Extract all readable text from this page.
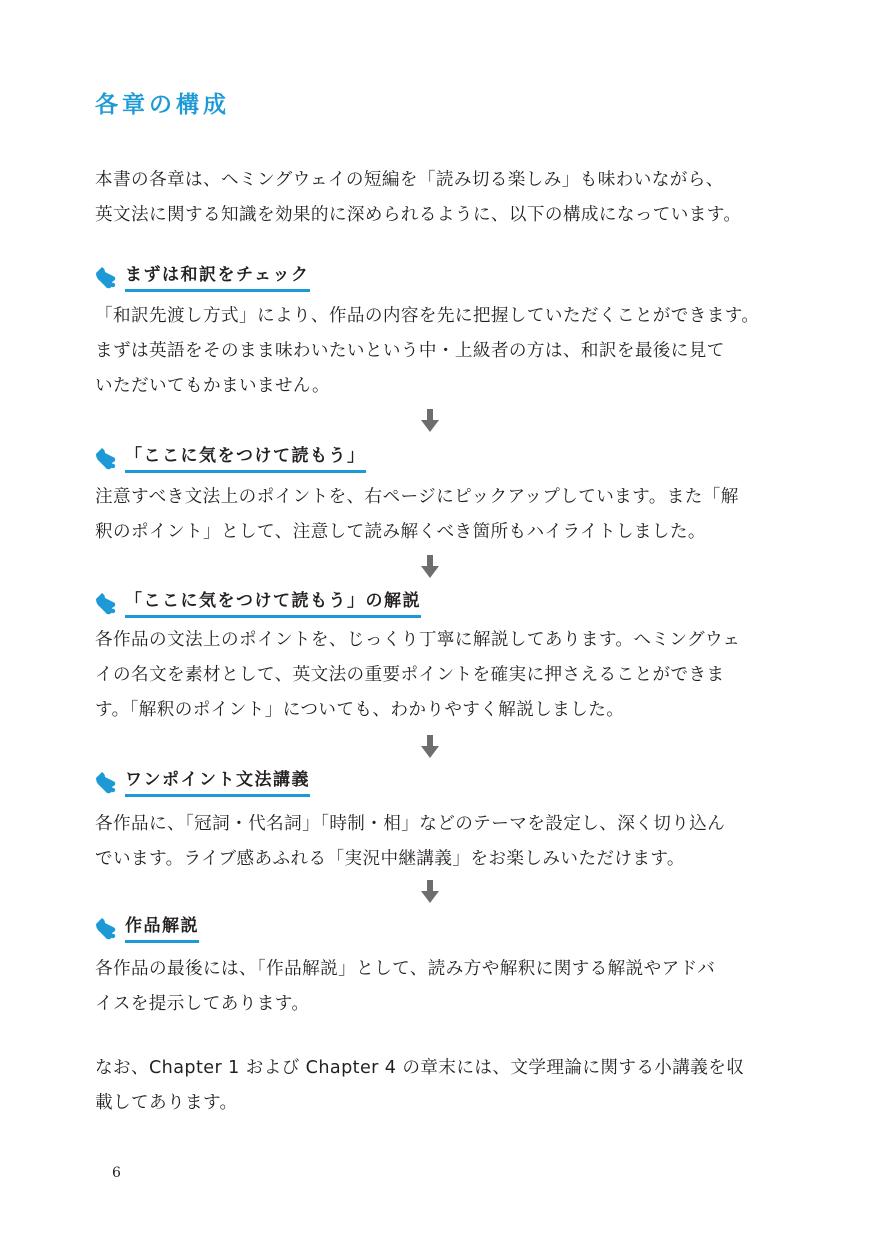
各章の構成
本書の各章は、ヘミングウェイの短編を「読み切る楽しみ」も味わいながら、
英文法に関する知識を効果的に深められるように、以下の構成になっています。
まずは和訳をチェック
「和訳先渡し方式」により、作品の内容を先に把握していただくことができます。
まずは英語をそのまま味わいたいという中・上級者の方は、和訳を最後に見て
いただいてもかまいません。
「ここに気をつけて読もう」
注意すべき文法上のポイントを、右ページにピックアップしています。また「解
釈のポイント」として、注意して読み解くべき箇所もハイライトしました。
「ここに気をつけて読もう」の解説
各作品の文法上のポイントを、じっくり丁寧に解説してあります。ヘミングウェ
イの名文を素材として、英文法の重要ポイントを確実に押さえることができま
す。「解釈のポイント」についても、わかりやすく解説しました。
ワンポイント文法講義
各作品に、「冠詞・代名詞」「時制・相」などのテーマを設定し、深く切り込ん
でいます。ライブ感あふれる「実況中継講義」をお楽しみいただけます。
作品解説
各作品の最後には、「作品解説」として、読み方や解釈に関する解説やアドバ
イスを提示してあります。
なお、Chapter 1 および Chapter 4 の章末には、文学理論に関する小講義を収
載してあります。
6
